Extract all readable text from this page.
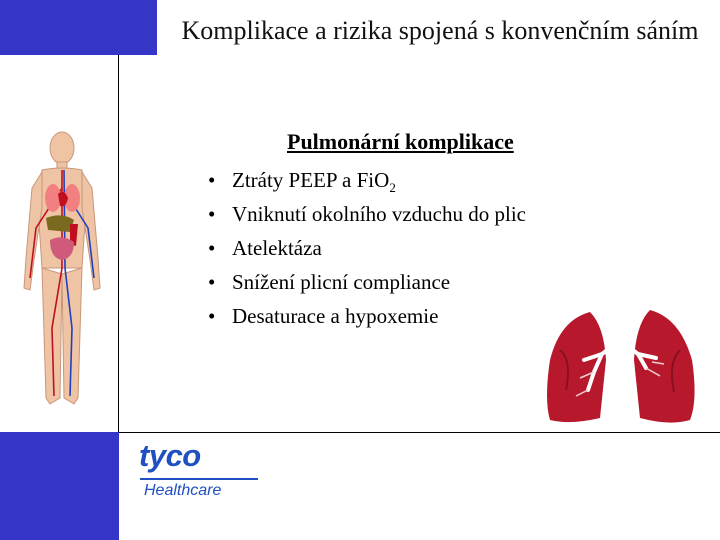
Komplikace a rizika spojená s konvenčním sáním
Pulmonární komplikace
• Ztráty PEEP a FiO$_2$
• Vniknutí okolního vzduchu do plic
• Atelektáza
• Snížení plicní compliance
• Desaturace a hypoxemie
tyco
Healthcare
